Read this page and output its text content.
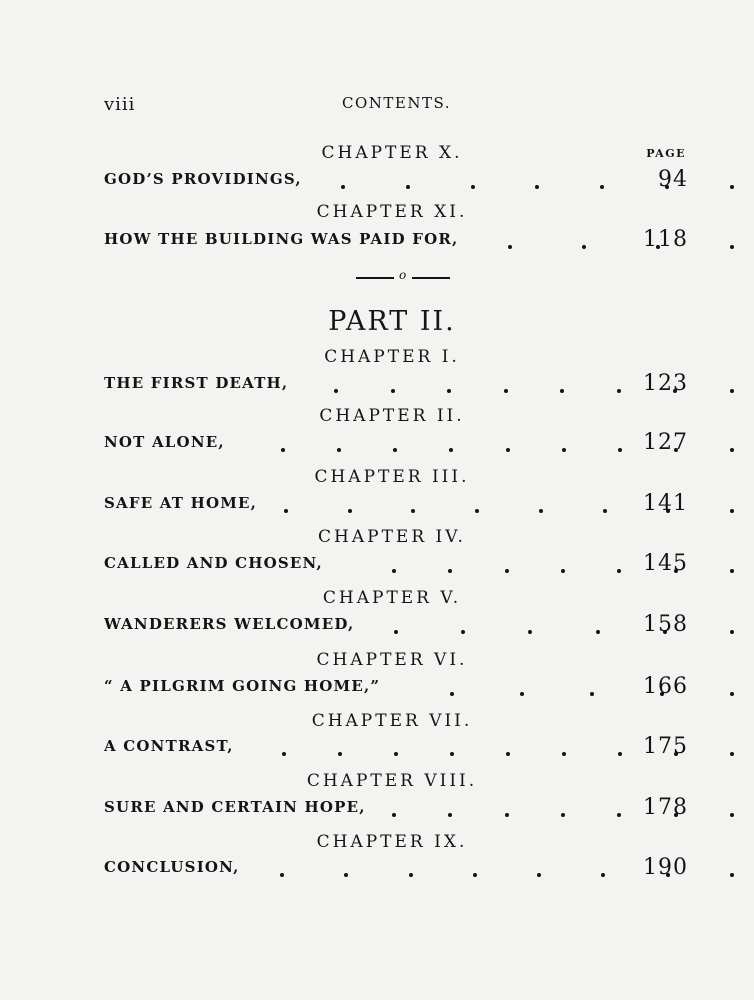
viii	CONTENTS.
PAGE
CHAPTER X.
GOD’S PROVIDINGS,	94
CHAPTER XI.
HOW THE BUILDING WAS PAID FOR,	118
o
PART II.
CHAPTER I.
THE FIRST DEATH,	123
CHAPTER II.
NOT ALONE,	127
CHAPTER III.
SAFE AT HOME,	141
CHAPTER IV.
CALLED AND CHOSEN,	145
CHAPTER V.
WANDERERS WELCOMED,	158
CHAPTER VI.
“ A PILGRIM GOING HOME,”	166
CHAPTER VII.
A CONTRAST,	175
CHAPTER VIII.
SURE AND CERTAIN HOPE,	178
CHAPTER IX.
CONCLUSION,	190
